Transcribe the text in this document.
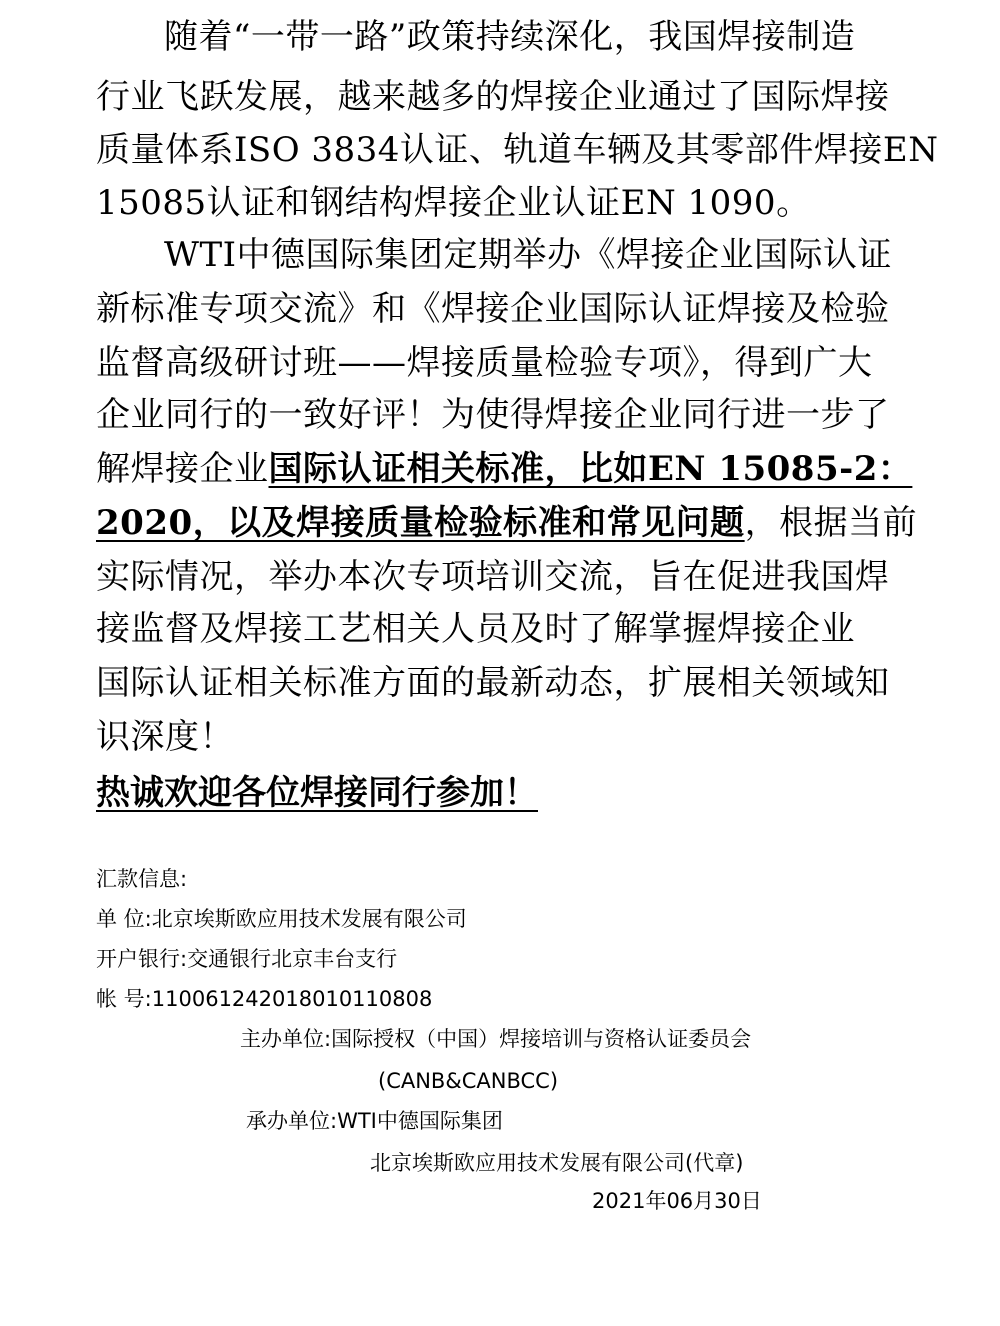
随着“一带一路”政策持续深化，我国焊接制造
行业飞跃发展，越来越多的焊接企业通过了国际焊接
质量体系ISO 3834认证、轨道车辆及其零部件焊接EN
15085认证和钢结构焊接企业认证EN 1090。
WTI中德国际集团定期举办《焊接企业国际认证
新标准专项交流》和《焊接企业国际认证焊接及检验
监督高级研讨班——焊接质量检验专项》，得到广大
企业同行的一致好评！为使得焊接企业同行进一步了
解焊接企业国际认证相关标准，比如EN 15085-2：
2020，以及焊接质量检验标准和常见问题，根据当前
实际情况，举办本次专项培训交流，旨在促进我国焊
接监督及焊接工艺相关人员及时了解掌握焊接企业
国际认证相关标准方面的最新动态，扩展相关领域知
识深度！
热诚欢迎各位焊接同行参加！
汇款信息:
单 位:北京埃斯欧应用技术发展有限公司
开户银行:交通银行北京丰台支行
帐 号:110061242018010110808
主办单位:国际授权（中国）焊接培训与资格认证委员会
(CANB&CANBCC)
承办单位:WTI中德国际集团
北京埃斯欧应用技术发展有限公司(代章)
2021年06月30日
